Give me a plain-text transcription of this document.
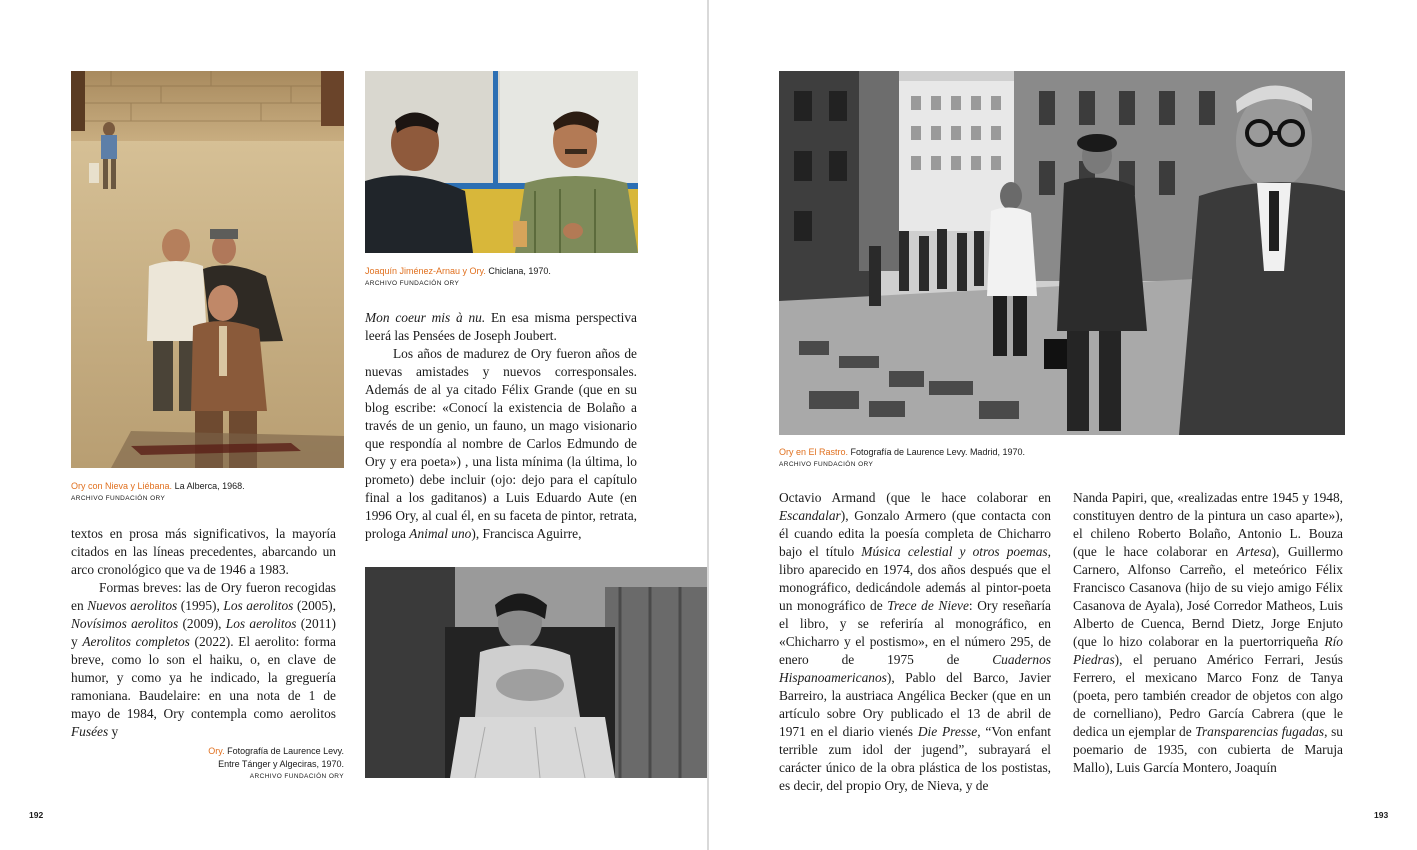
Ory con Nieva y Liébana. La Alberca, 1968.
ARCHIVO FUNDACIÓN ORY
Joaquín Jiménez-Arnau y Ory. Chiclana, 1970.
ARCHIVO FUNDACIÓN ORY

textos en prosa más significativos, la mayoría citados en las líneas precedentes, abarcando un arco cronológico que va de 1946 a 1983.

Formas breves: las de Ory fueron recogidas en Nuevos aerolitos (1995), Los aerolitos (2005), Novísimos aerolitos (2009), Los aerolitos (2011) y Aerolitos completos (2022). El aerolito: forma breve, como lo son el haiku, o, en clave de humor, y como ya he indicado, la greguería ramoniana. Baudelaire: en una nota de 1 de mayo de 1984, Ory contempla como aerolitos Fusées y

Mon coeur mis à nu. En esa misma perspectiva leerá las Pensées de Joseph Joubert.

Los años de madurez de Ory fueron años de nuevas amistades y nuevos corresponsales. Además de al ya citado Félix Grande (que en su blog escribe: «Conocí la existencia de Bolaño a través de un genio, un fauno, un mago visionario que respondía al nombre de Carlos Edmundo de Ory y era poeta») , una lista mínima (la última, lo prometo) debe incluir (ojo: dejo para el capítulo final a los gaditanos) a Luis Eduardo Aute (en 1996 Ory, al cual él, en su faceta de pintor, retrata, prologa Animal uno), Francisca Aguirre,

Ory. Fotografía de Laurence Levy.
Entre Tánger y Algeciras, 1970.
ARCHIVO FUNDACIÓN ORY
192
Ory en El Rastro. Fotografía de Laurence Levy. Madrid, 1970.
ARCHIVO FUNDACIÓN ORY

Octavio Armand (que le hace colaborar en Escandalar), Gonzalo Armero (que contacta con él cuando edita la poesía completa de Chicharro bajo el título Música celestial y otros poemas, libro aparecido en 1974, dos años después que el monográfico, dedicándole además al pintor-poeta un monográfico de Trece de Nieve: Ory reseñaría el libro, y se referiría al monográfico, en «Chicharro y el postismo», en el número 295, de enero de 1975 de Cuadernos Hispanoamericanos), Pablo del Barco, Javier Barreiro, la austriaca Angélica Becker (que en un artículo sobre Ory publicado el 13 de abril de 1971 en el diario vienés Die Presse, “Von enfant terrible zum idol der jugend”, subrayará el carácter único de la obra plástica de los postistas, es decir, del propio Ory, de Nieva, y de

Nanda Papiri, que, «realizadas entre 1945 y 1948, constituyen dentro de la pintura un caso aparte»), el chileno Roberto Bolaño, Antonio L. Bouza (que le hace colaborar en Artesa), Guillermo Carnero, Alfonso Carreño, el meteórico Félix Francisco Casanova (hijo de su viejo amigo Félix Casanova de Ayala), José Corredor Matheos, Luis Alberto de Cuenca, Bernd Dietz, Jorge Enjuto (que lo hizo colaborar en la puertorriqueña Río Piedras), el peruano Américo Ferrari, Jesús Ferrero, el mexicano Marco Fonz de Tanya (poeta, pero también creador de objetos con algo de cornelliano), Pedro García Cabrera (que le dedica un ejemplar de Transparencias fugadas, su poemario de 1935, con cubierta de Maruja Mallo), Luis García Montero, Joaquín

193
